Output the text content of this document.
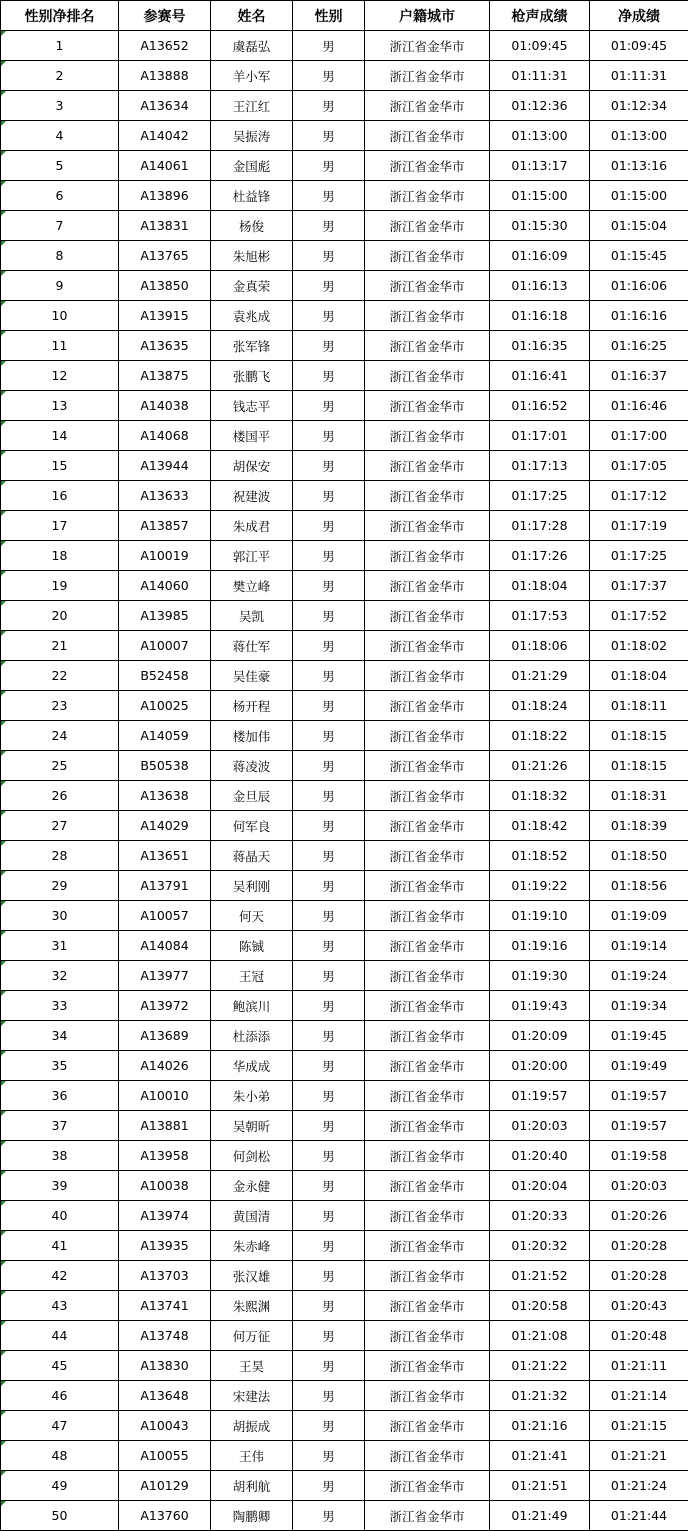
性别净排名	参赛号	姓名	性别	户籍城市	枪声成绩	净成绩
1	A13652	虞磊弘	男	浙江省金华市	01:09:45	01:09:45
2	A13888	羊小军	男	浙江省金华市	01:11:31	01:11:31
3	A13634	王江红	男	浙江省金华市	01:12:36	01:12:34
4	A14042	吴振涛	男	浙江省金华市	01:13:00	01:13:00
5	A14061	金国彪	男	浙江省金华市	01:13:17	01:13:16
6	A13896	杜益锋	男	浙江省金华市	01:15:00	01:15:00
7	A13831	杨俊	男	浙江省金华市	01:15:30	01:15:04
8	A13765	朱旭彬	男	浙江省金华市	01:16:09	01:15:45
9	A13850	金真荣	男	浙江省金华市	01:16:13	01:16:06
10	A13915	袁兆成	男	浙江省金华市	01:16:18	01:16:16
11	A13635	张军锋	男	浙江省金华市	01:16:35	01:16:25
12	A13875	张鹏飞	男	浙江省金华市	01:16:41	01:16:37
13	A14038	钱志平	男	浙江省金华市	01:16:52	01:16:46
14	A14068	楼国平	男	浙江省金华市	01:17:01	01:17:00
15	A13944	胡保安	男	浙江省金华市	01:17:13	01:17:05
16	A13633	祝建波	男	浙江省金华市	01:17:25	01:17:12
17	A13857	朱成君	男	浙江省金华市	01:17:28	01:17:19
18	A10019	郭江平	男	浙江省金华市	01:17:26	01:17:25
19	A14060	樊立峰	男	浙江省金华市	01:18:04	01:17:37
20	A13985	吴凯	男	浙江省金华市	01:17:53	01:17:52
21	A10007	蒋仕军	男	浙江省金华市	01:18:06	01:18:02
22	B52458	吴佳豪	男	浙江省金华市	01:21:29	01:18:04
23	A10025	杨开程	男	浙江省金华市	01:18:24	01:18:11
24	A14059	楼加伟	男	浙江省金华市	01:18:22	01:18:15
25	B50538	蒋凌波	男	浙江省金华市	01:21:26	01:18:15
26	A13638	金旦辰	男	浙江省金华市	01:18:32	01:18:31
27	A14029	何军良	男	浙江省金华市	01:18:42	01:18:39
28	A13651	蒋晶天	男	浙江省金华市	01:18:52	01:18:50
29	A13791	吴利刚	男	浙江省金华市	01:19:22	01:18:56
30	A10057	何天	男	浙江省金华市	01:19:10	01:19:09
31	A14084	陈铖	男	浙江省金华市	01:19:16	01:19:14
32	A13977	王冠	男	浙江省金华市	01:19:30	01:19:24
33	A13972	鲍滨川	男	浙江省金华市	01:19:43	01:19:34
34	A13689	杜添添	男	浙江省金华市	01:20:09	01:19:45
35	A14026	华成成	男	浙江省金华市	01:20:00	01:19:49
36	A10010	朱小弟	男	浙江省金华市	01:19:57	01:19:57
37	A13881	吴朝昕	男	浙江省金华市	01:20:03	01:19:57
38	A13958	何剑松	男	浙江省金华市	01:20:40	01:19:58
39	A10038	金永健	男	浙江省金华市	01:20:04	01:20:03
40	A13974	黄国清	男	浙江省金华市	01:20:33	01:20:26
41	A13935	朱赤峰	男	浙江省金华市	01:20:32	01:20:28
42	A13703	张汉雄	男	浙江省金华市	01:21:52	01:20:28
43	A13741	朱熙渊	男	浙江省金华市	01:20:58	01:20:43
44	A13748	何万征	男	浙江省金华市	01:21:08	01:20:48
45	A13830	王昊	男	浙江省金华市	01:21:22	01:21:11
46	A13648	宋建法	男	浙江省金华市	01:21:32	01:21:14
47	A10043	胡振成	男	浙江省金华市	01:21:16	01:21:15
48	A10055	王伟	男	浙江省金华市	01:21:41	01:21:21
49	A10129	胡利航	男	浙江省金华市	01:21:51	01:21:24
50	A13760	陶鹏卿	男	浙江省金华市	01:21:49	01:21:44
